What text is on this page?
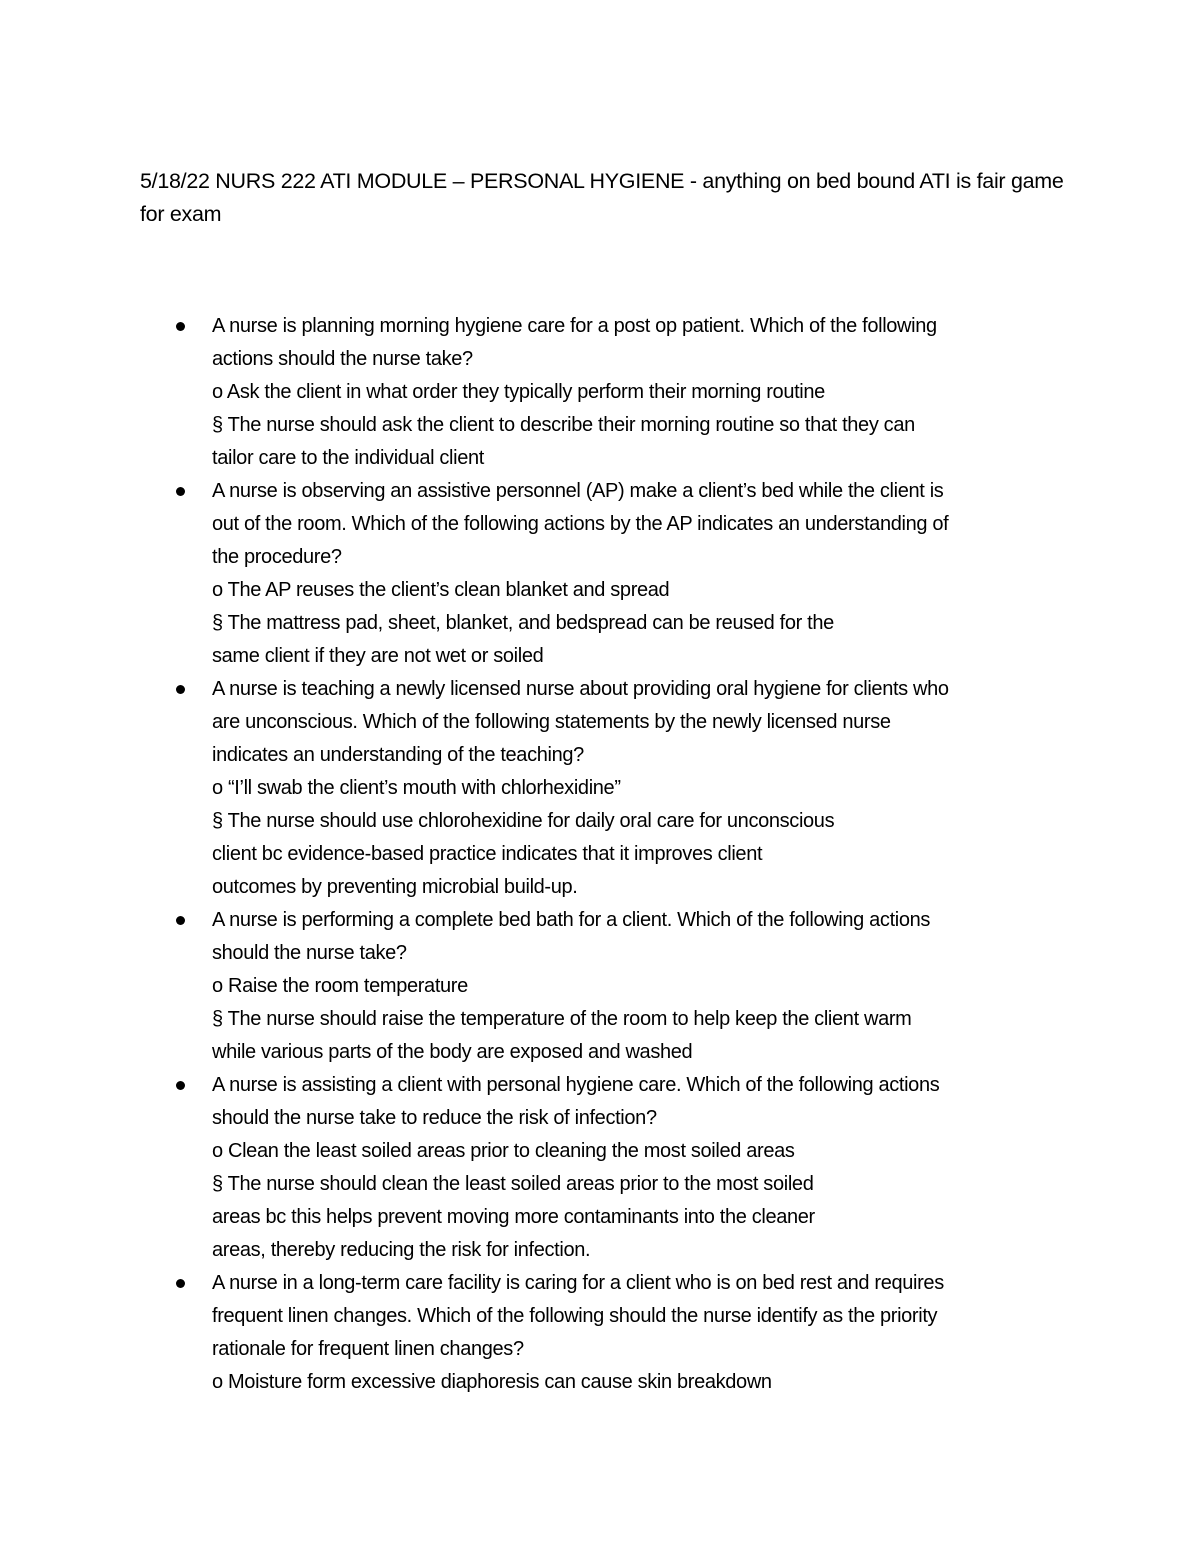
5/18/22 NURS 222 ATI MODULE – PERSONAL HYGIENE - anything on bed bound ATI is fair game for exam

A nurse is planning morning hygiene care for a post op patient. Which of the following
actions should the nurse take?
o Ask the client in what order they typically perform their morning routine
§ The nurse should ask the client to describe their morning routine so that they can
tailor care to the individual client
A nurse is observing an assistive personnel (AP) make a client’s bed while the client is
out of the room. Which of the following actions by the AP indicates an understanding of
the procedure?
o The AP reuses the client’s clean blanket and spread
§ The mattress pad, sheet, blanket, and bedspread can be reused for the
same client if they are not wet or soiled
A nurse is teaching a newly licensed nurse about providing oral hygiene for clients who
are unconscious. Which of the following statements by the newly licensed nurse
indicates an understanding of the teaching?
o “I’ll swab the client’s mouth with chlorhexidine”
§ The nurse should use chlorohexidine for daily oral care for unconscious
client bc evidence-based practice indicates that it improves client
outcomes by preventing microbial build-up.
A nurse is performing a complete bed bath for a client. Which of the following actions
should the nurse take?
o Raise the room temperature
§ The nurse should raise the temperature of the room to help keep the client warm
while various parts of the body are exposed and washed
A nurse is assisting a client with personal hygiene care. Which of the following actions
should the nurse take to reduce the risk of infection?
o Clean the least soiled areas prior to cleaning the most soiled areas
§ The nurse should clean the least soiled areas prior to the most soiled
areas bc this helps prevent moving more contaminants into the cleaner
areas, thereby reducing the risk for infection.
A nurse in a long-term care facility is caring for a client who is on bed rest and requires
frequent linen changes. Which of the following should the nurse identify as the priority
rationale for frequent linen changes?
o Moisture form excessive diaphoresis can cause skin breakdown
